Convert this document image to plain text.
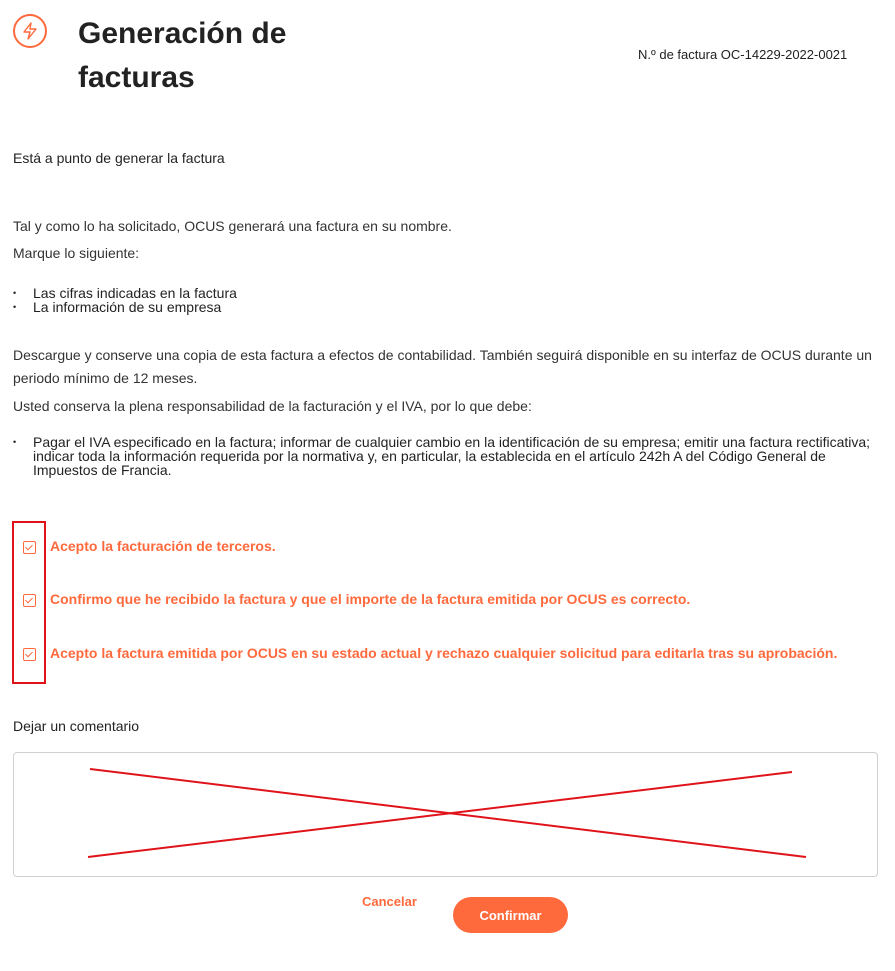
Generación de facturas
N.º de factura OC-14229-2022-0021
Está a punto de generar la factura
Tal y como lo ha solicitado, OCUS generará una factura en su nombre.
Marque lo siguiente:
• Las cifras indicadas en la factura
• La información de su empresa
Descargue y conserve una copia de esta factura a efectos de contabilidad. También seguirá disponible en su interfaz de OCUS durante un periodo mínimo de 12 meses.
Usted conserva la plena responsabilidad de la facturación y el IVA, por lo que debe:
• Pagar el IVA especificado en la factura; informar de cualquier cambio en la identificación de su empresa; emitir una factura rectificativa; indicar toda la información requerida por la normativa y, en particular, la establecida en el artículo 242h A del Código General de Impuestos de Francia.
Acepto la facturación de terceros.
Confirmo que he recibido la factura y que el importe de la factura emitida por OCUS es correcto.
Acepto la factura emitida por OCUS en su estado actual y rechazo cualquier solicitud para editarla tras su aprobación.
Dejar un comentario
Cancelar
Confirmar
